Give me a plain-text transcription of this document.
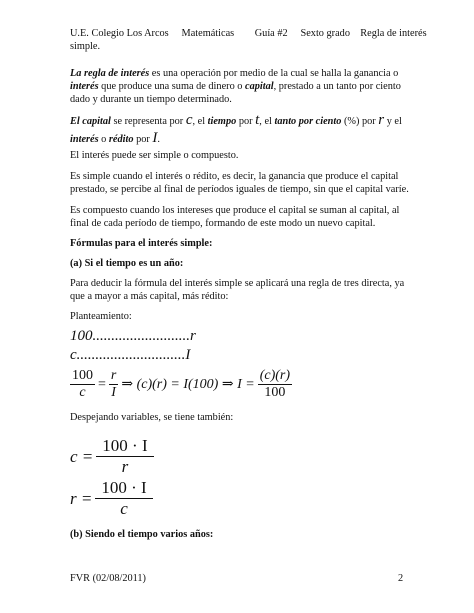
U.E. Colegio Los Arcos     Matemáticas        Guía #2     Sexto grado    Regla de interés
simple.
La regla de interés es una operación por medio de la cual se halla la ganancia o interés que produce una suma de dinero o capital, prestado a un tanto por ciento dado y durante un tiempo determinado.
El capital se representa por c, el tiempo por t, el tanto por ciento (%) por r y el interés o rédito por I.
El interés puede ser simple o compuesto.
Es simple cuando el interés o rédito, es decir, la ganancia que produce el capital prestado, se percibe al final de períodos iguales de tiempo, sin que el capital varíe.
Es compuesto cuando los intereses que produce el capital se suman al capital, al final de cada período de tiempo, formando de este modo un nuevo capital.
Fórmulas para el interés simple:
(a) Si el tiempo es un año:
Para deducir la fórmula del interés simple se aplicará una regla de tres directa, ya que a mayor a más capital, más rédito:
Planteamiento:
100..........................r
c.............................I
$\frac{100}{c} = \frac{r}{I}$ ⇒ (c)(r) = I(100) ⇒ $I = \frac{(c)(r)}{100}$
Despejando variables, se tiene también:
$c = \frac{100 \cdot I}{r}$
$r = \frac{100 \cdot I}{c}$
(b) Siendo el tiempo varios años:
FVR (02/08/2011)	2
